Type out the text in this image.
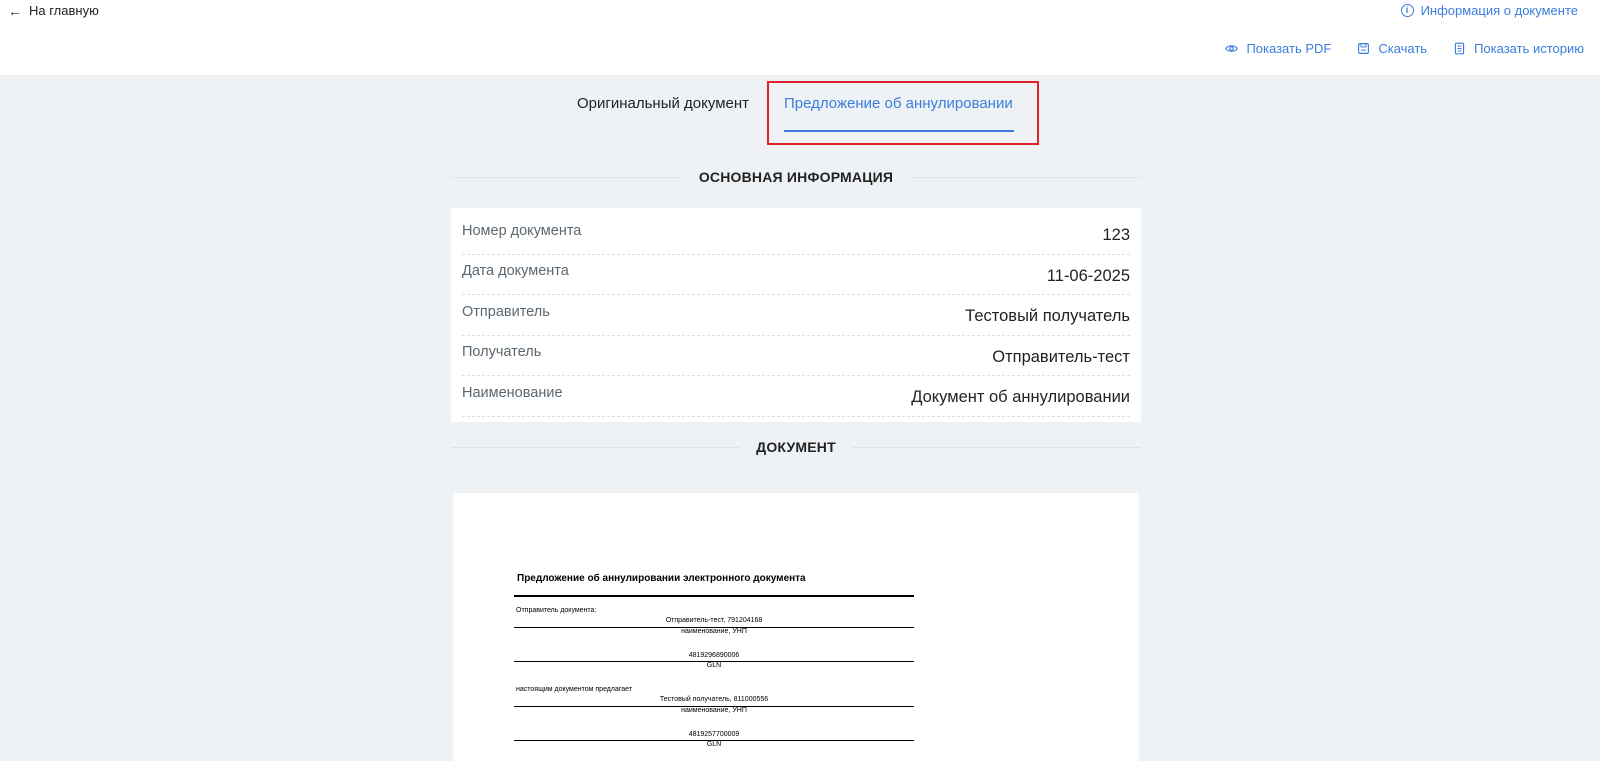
← На главную	i Информация о документе
Показать PDF	Скачать	Показать историю
Оригинальный документ Предложение об аннулировании
ОСНОВНАЯ ИНФОРМАЦИЯ
Номер документа	123
Дата документа	11-06-2025
Отправитель	Тестовый получатель
Получатель	Отправитель-тест
Наименование	Документ об аннулировании
ДОКУМЕНТ
Предложение об аннулировании электронного документа
Отправитель документа:
Отправитель-тест, 791204168
наименование, УНП
4819296890006
GLN
настоящим документом предлагает
Тестовый получатель, 811000556
наименование, УНП
4819257700009
GLN
